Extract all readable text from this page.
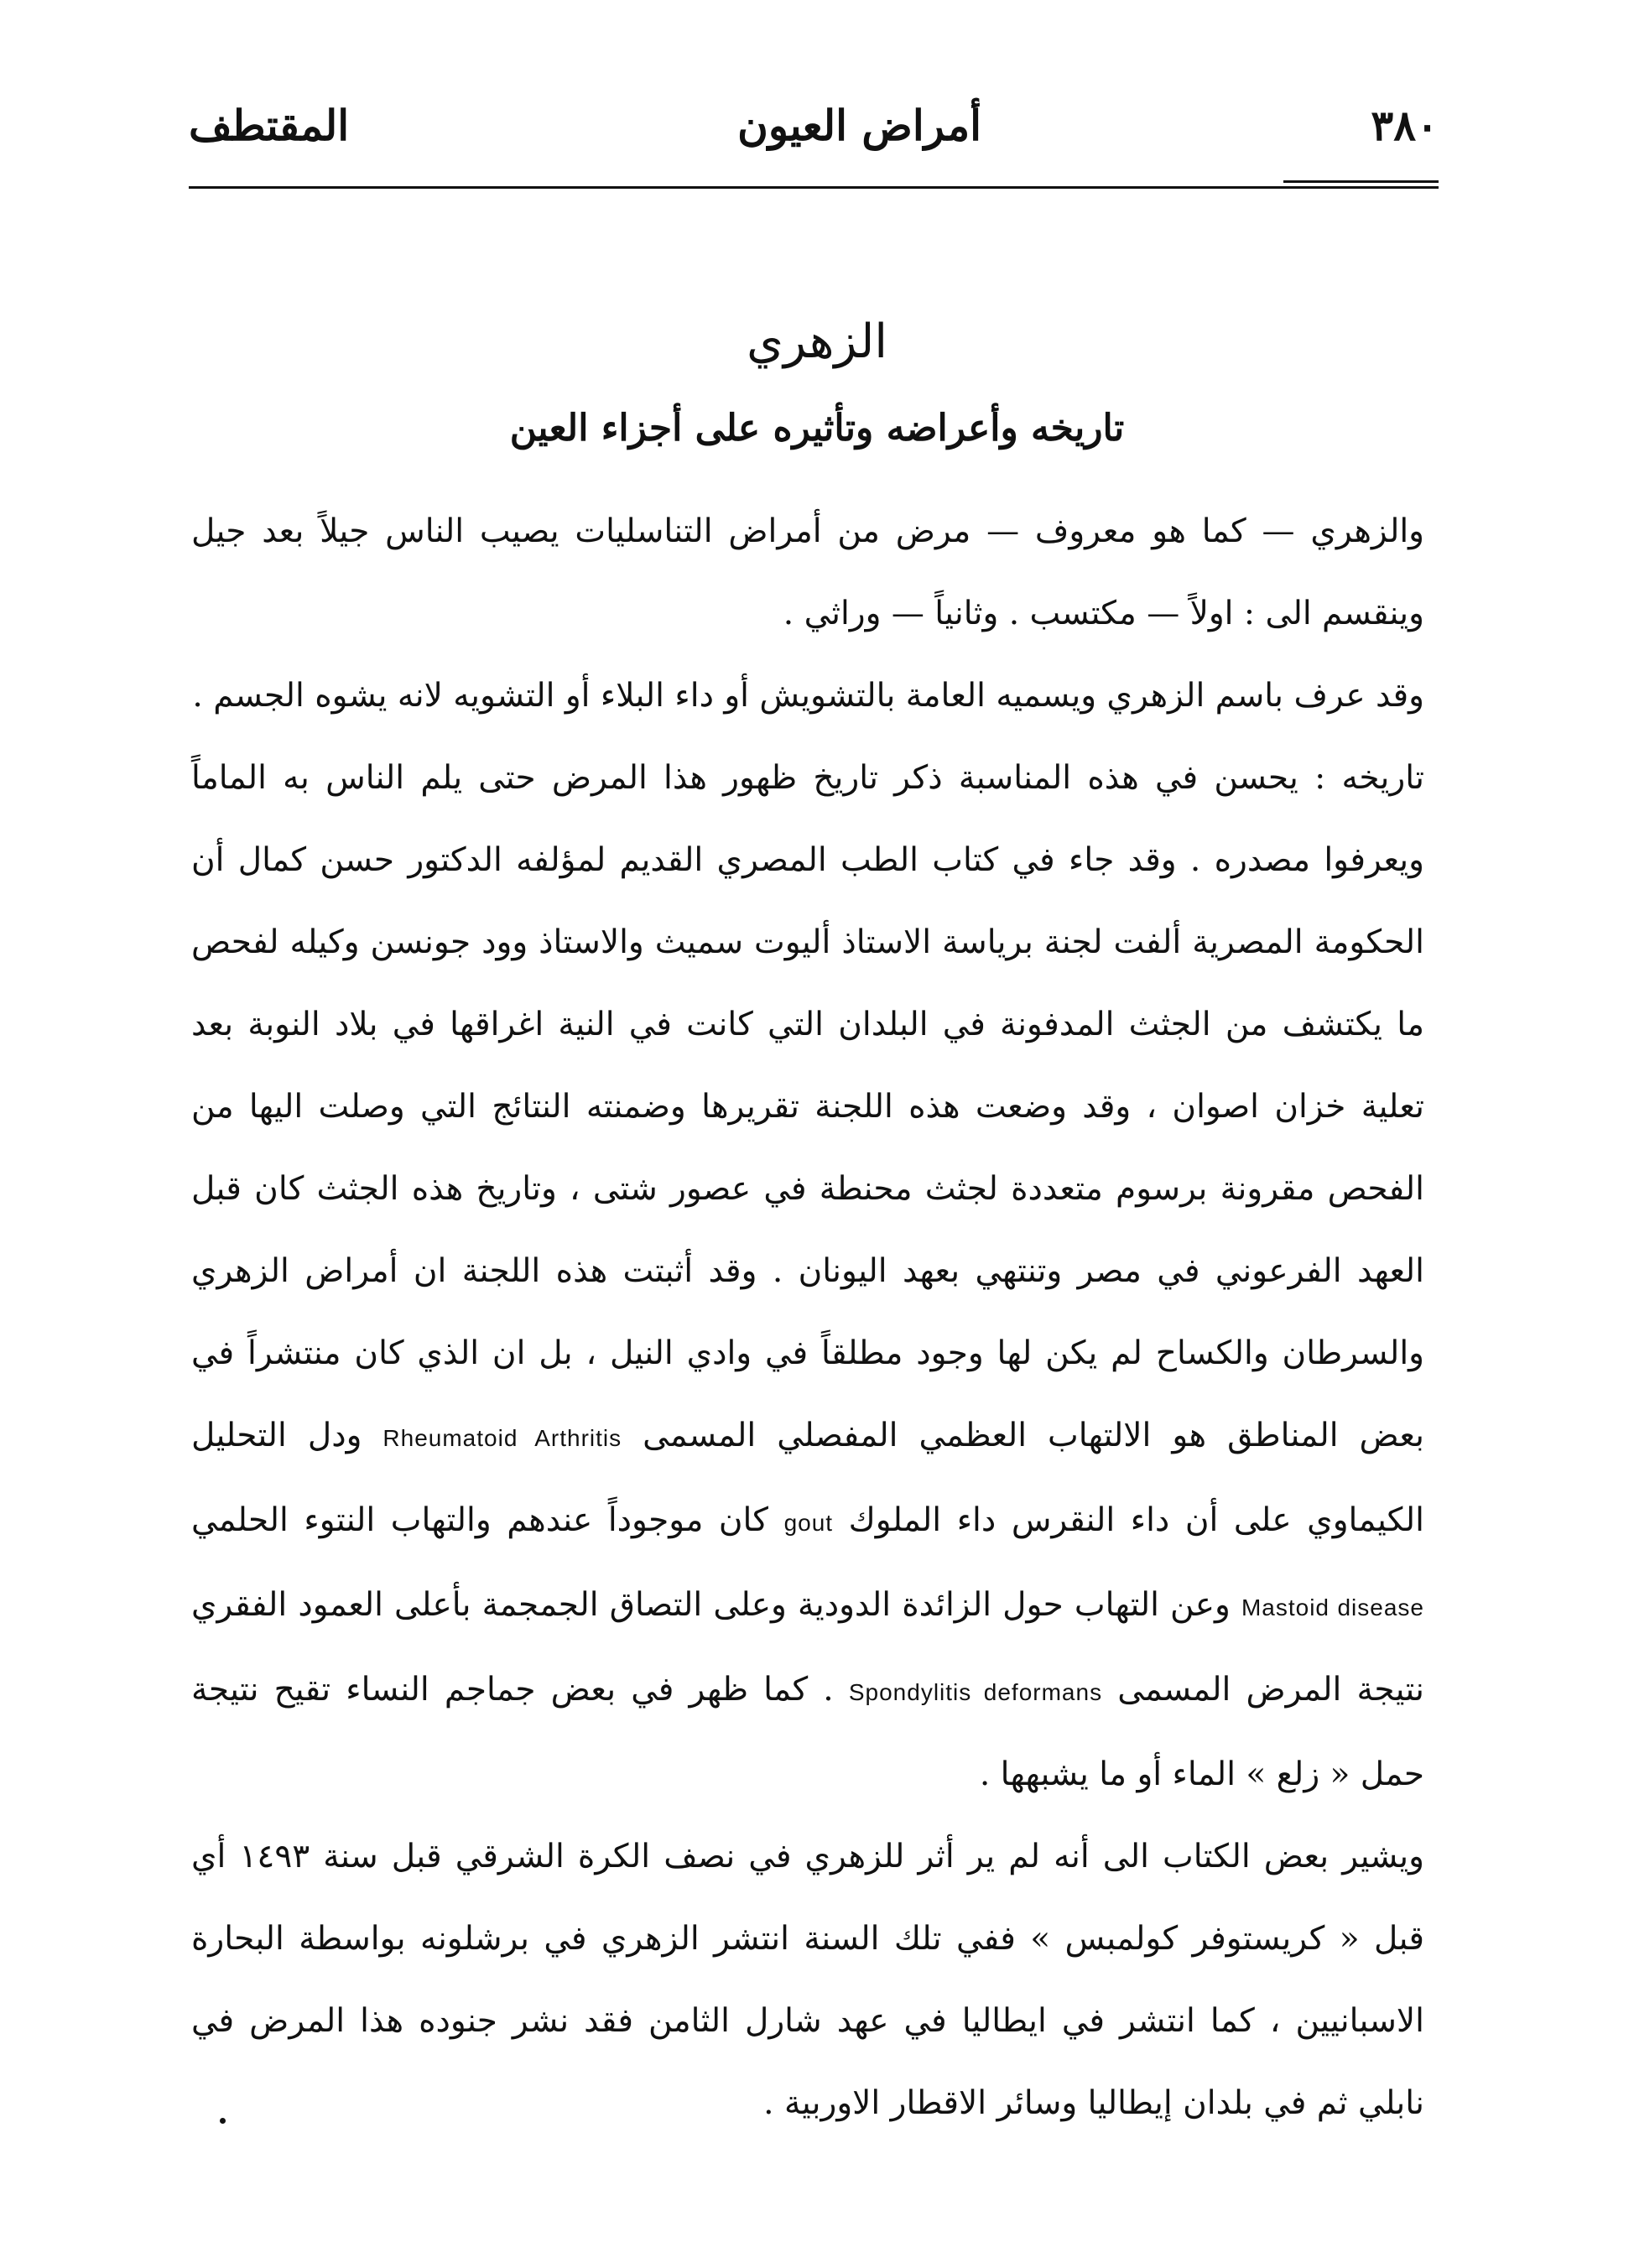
٣٨٠
أمراض العيون
المقتطف
الزهري
تاريخه وأعراضه وتأثيره على أجزاء العين

والزهري — كما هو معروف — مرض من أمراض التناسليات يصيب الناس جيلاً بعد جيل وينقسم الى : اولاً — مكتسب . وثانياً — وراثي .

وقد عرف باسم الزهري ويسميه العامة بالتشويش أو داء البلاء أو التشويه لانه يشوه الجسم .

تاريخه : يحسن في هذه المناسبة ذكر تاريخ ظهور هذا المرض حتى يلم الناس به الماماً ويعرفوا مصدره . وقد جاء في كتاب الطب المصري القديم لمؤلفه الدكتور حسن كمال أن الحكومة المصرية ألفت لجنة برياسة الاستاذ أليوت سميث والاستاذ وود جونسن وكيله لفحص ما يكتشف من الجثث المدفونة في البلدان التي كانت في النية اغراقها في بلاد النوبة بعد تعلية خزان اصوان ، وقد وضعت هذه اللجنة تقريرها وضمنته النتائج التي وصلت اليها من الفحص مقرونة برسوم متعددة لجثث محنطة في عصور شتى ، وتاريخ هذه الجثث كان قبل العهد الفرعوني في مصر وتنتهي بعهد اليونان . وقد أثبتت هذه اللجنة ان أمراض الزهري والسرطان والكساح لم يكن لها وجود مطلقاً في وادي النيل ، بل ان الذي كان منتشراً في بعض المناطق هو الالتهاب العظمي المفصلي المسمى Rheumatoid Arthritis ودل التحليل الكيماوي على أن داء النقرس داء الملوك gout كان موجوداً عندهم والتهاب النتوء الحلمي Mastoid disease وعن التهاب حول الزائدة الدودية وعلى التصاق الجمجمة بأعلى العمود الفقري نتيجة المرض المسمى Spondylitis deformans . كما ظهر في بعض جماجم النساء تقيح نتيجة حمل « زلع » الماء أو ما يشبهها .

ويشير بعض الكتاب الى أنه لم ير أثر للزهري في نصف الكرة الشرقي قبل سنة ١٤٩٣ أي قبل « كريستوفر كولمبس » ففي تلك السنة انتشر الزهري في برشلونه بواسطة البحارة الاسبانيين ، كما انتشر في ايطاليا في عهد شارل الثامن فقد نشر جنوده هذا المرض في نابلي ثم في بلدان إيطاليا وسائر الاقطار الاوربية .
